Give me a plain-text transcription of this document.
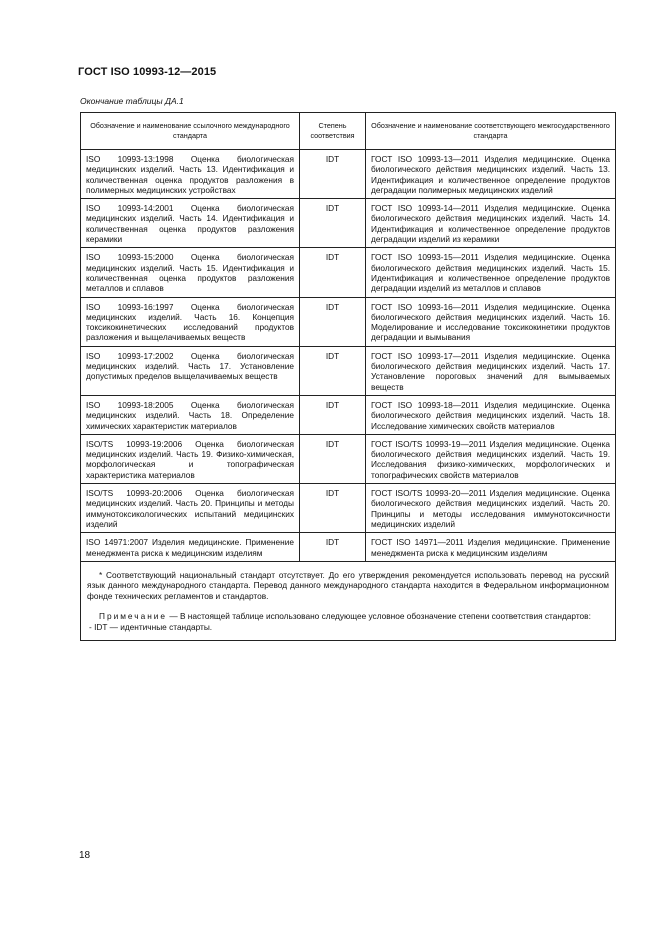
ГОСТ ISO 10993-12—2015
Окончание таблицы ДА.1
Обозначение и наименование ссылочного международного стандарта	Степень соответствия	Обозначение и наименование соответствующего межгосударственного стандарта
ISO 10993-13:1998 Оценка биологическая медицинских изделий. Часть 13. Идентификация и количественная оценка продуктов разложения в полимерных медицинских устройствах	IDT	ГОСТ ISO 10993-13—2011 Изделия медицинские. Оценка биологического действия медицинских изделий. Часть 13. Идентификация и количественное определение продуктов деградации полимерных медицинских изделий
ISO 10993-14:2001 Оценка биологическая медицинских изделий. Часть 14. Идентификация и количественная оценка продуктов разложения керамики	IDT	ГОСТ ISO 10993-14—2011 Изделия медицинские. Оценка биологического действия медицинских изделий. Часть 14. Идентификация и количественное определение продуктов деградации изделий из керамики
ISO 10993-15:2000 Оценка биологическая медицинских изделий. Часть 15. Идентификация и количественная оценка продуктов разложения металлов и сплавов	IDT	ГОСТ ISO 10993-15—2011 Изделия медицинские. Оценка биологического действия медицинских изделий. Часть 15. Идентификация и количественное определение продуктов деградации изделий из металлов и сплавов
ISO 10993-16:1997 Оценка биологическая медицинских изделий. Часть 16. Концепция токсикокинетических исследований продуктов разложения и выщелачиваемых веществ	IDT	ГОСТ ISO 10993-16—2011 Изделия медицинские. Оценка биологического действия медицинских изделий. Часть 16. Моделирование и исследование токсикокинетики продуктов деградации и вымывания
ISO 10993-17:2002 Оценка биологическая медицинских изделий. Часть 17. Установление допустимых пределов выщелачиваемых веществ	IDT	ГОСТ ISO 10993-17—2011 Изделия медицинские. Оценка биологического действия медицинских изделий. Часть 17. Установление пороговых значений для вымываемых веществ
ISO 10993-18:2005 Оценка биологическая медицинских изделий. Часть 18. Определение химических характеристик материалов	IDT	ГОСТ ISO 10993-18—2011 Изделия медицинские. Оценка биологического действия медицинских изделий. Часть 18. Исследование химических свойств материалов
ISO/TS 10993-19:2006 Оценка биологическая медицинских изделий. Часть 19. Физико-химическая, морфологическая и топографическая характеристика материалов	IDT	ГОСТ ISO/TS 10993-19—2011 Изделия медицинские. Оценка биологического действия медицинских изделий. Часть 19. Исследования физико-химических, морфологических и топографических свойств материалов
ISO/TS 10993-20:2006 Оценка биологическая медицинских изделий. Часть 20. Принципы и методы иммунотоксикологических испытаний медицинских изделий	IDT	ГОСТ ISO/TS 10993-20—2011 Изделия медицинские. Оценка биологического действия медицинских изделий. Часть 20. Принципы и методы исследования иммунотоксичности медицинских изделий
ISO 14971:2007 Изделия медицинские. Применение менеджмента риска к медицинским изделиям	IDT	ГОСТ ISO 14971—2011 Изделия медицинские. Применение менеджмента риска к медицинским изделиям

* Соответствующий национальный стандарт отсутствует. До его утверждения рекомендуется использовать перевод на русский язык данного международного стандарта. Перевод данного международного стандарта находится в Федеральном информационном фонде технических регламентов и стандартов.

Примечание — В настоящей таблице использовано следующее условное обозначение степени соответствия стандартов:

- IDT — идентичные стандарты.		

18
